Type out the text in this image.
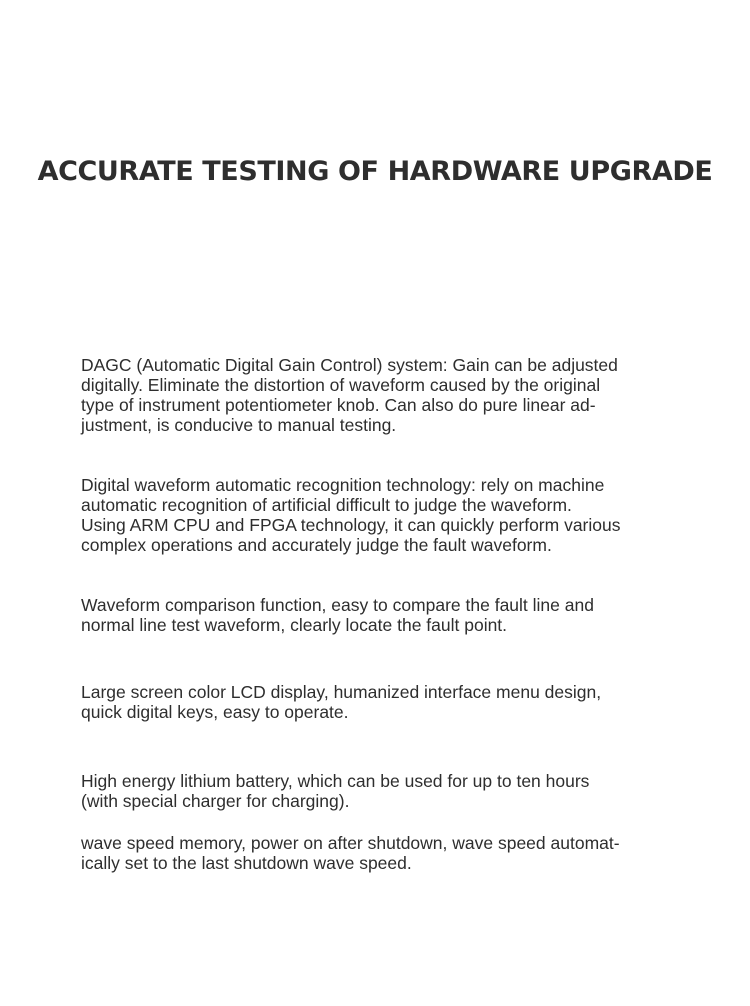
ACCURATE TESTING OF HARDWARE UPGRADE

DAGC (Automatic Digital Gain Control) system: Gain can be adjusted
digitally. Eliminate the distortion of waveform caused by the original
type of instrument potentiometer knob. Can also do pure linear ad-
justment, is conducive to manual testing.

Digital waveform automatic recognition technology: rely on machine
automatic recognition of artificial difficult to judge the waveform.
Using ARM CPU and FPGA technology, it can quickly perform various
complex operations and accurately judge the fault waveform.

Waveform comparison function, easy to compare the fault line and
normal line test waveform, clearly locate the fault point.

Large screen color LCD display, humanized interface menu design,
quick digital keys, easy to operate.

High energy lithium battery, which can be used for up to ten hours
(with special charger for charging).

wave speed memory, power on after shutdown, wave speed automat-
ically set to the last shutdown wave speed.
